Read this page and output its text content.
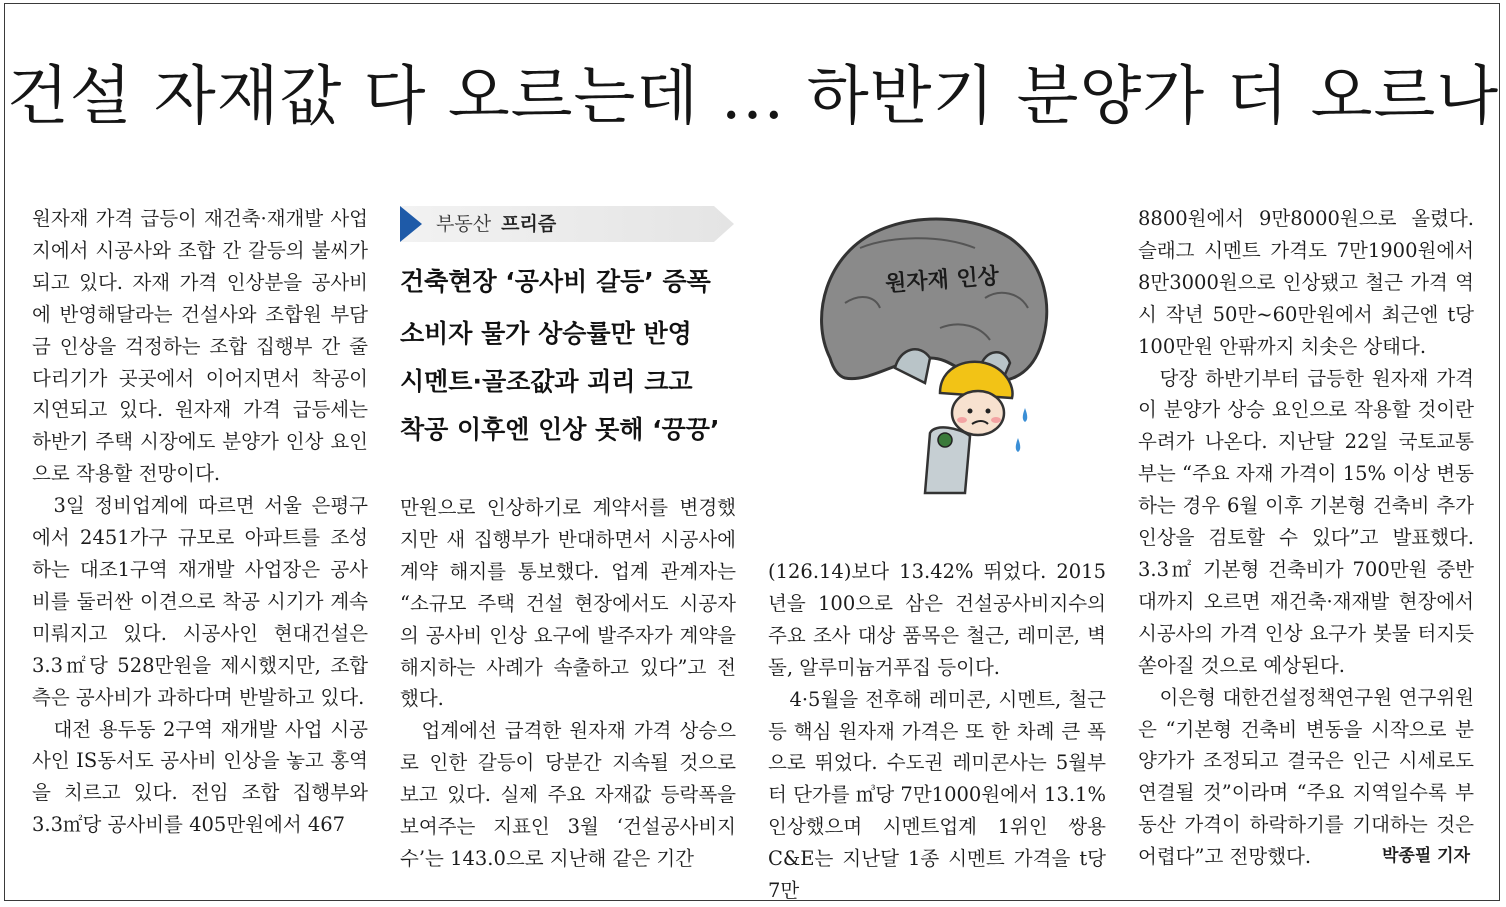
건설 자재값 다 오르는데 … 하반기 분양가 더 오르나

원자재 가격 급등이 재건축·재개발 사업지에서 시공사와 조합 간 갈등의 불씨가 되고 있다. 자재 가격 인상분을 공사비에 반영해달라는 건설사와 조합원 부담금 인상을 걱정하는 조합 집행부 간 줄다리기가 곳곳에서 이어지면서 착공이 지연되고 있다. 원자재 가격 급등세는 하반기 주택 시장에도 분양가 인상 요인으로 작용할 전망이다.

3일 정비업계에 따르면 서울 은평구에서 2451가구 규모로 아파트를 조성하는 대조1구역 재개발 사업장은 공사비를 둘러싼 이견으로 착공 시기가 계속 미뤄지고 있다. 시공사인 현대건설은 3.3㎡당 528만원을 제시했지만, 조합 측은 공사비가 과하다며 반발하고 있다.

대전 용두동 2구역 재개발 사업 시공사인 IS동서도 공사비 인상을 놓고 홍역을 치르고 있다. 전임 조합 집행부와 3.3㎡당 공사비를 405만원에서 467

부동산 프리즘
건축현장 ‘공사비 갈등’ 증폭
소비자 물가 상승률만 반영
시멘트·골조값과 괴리 크고
착공 이후엔 인상 못해 ‘끙끙’

만원으로 인상하기로 계약서를 변경했지만 새 집행부가 반대하면서 시공사에 계약 해지를 통보했다. 업계 관계자는 “소규모 주택 건설 현장에서도 시공자의 공사비 인상 요구에 발주자가 계약을 해지하는 사례가 속출하고 있다”고 전했다.

업계에선 급격한 원자재 가격 상승으로 인한 갈등이 당분간 지속될 것으로 보고 있다. 실제 주요 자재값 등락폭을 보여주는 지표인 3월 ‘건설공사비지수’는 143.0으로 지난해 같은 기간

원자재 인상

(126.14)보다 13.42% 뛰었다. 2015년을 100으로 삼은 건설공사비지수의 주요 조사 대상 품목은 철근, 레미콘, 벽돌, 알루미늄거푸집 등이다.

4·5월을 전후해 레미콘, 시멘트, 철근 등 핵심 원자재 가격은 또 한 차례 큰 폭으로 뛰었다. 수도권 레미콘사는 5월부터 단가를 ㎥당 7만1000원에서 13.1% 인상했으며 시멘트업계 1위인 쌍용C&E는 지난달 1종 시멘트 가격을 t당 7만

8800원에서 9만8000원으로 올렸다. 슬래그 시멘트 가격도 7만1900원에서 8만3000원으로 인상됐고 철근 가격 역시 작년 50만~60만원에서 최근엔 t당 100만원 안팎까지 치솟은 상태다.

당장 하반기부터 급등한 원자재 가격이 분양가 상승 요인으로 작용할 것이란 우려가 나온다. 지난달 22일 국토교통부는 “주요 자재 가격이 15% 이상 변동하는 경우 6월 이후 기본형 건축비 추가 인상을 검토할 수 있다”고 발표했다. 3.3㎡ 기본형 건축비가 700만원 중반대까지 오르면 재건축·재재발 현장에서 시공사의 가격 인상 요구가 봇물 터지듯 쏟아질 것으로 예상된다.

이은형 대한건설정책연구원 연구위원은 “기본형 건축비 변동을 시작으로 분양가가 조정되고 결국은 인근 시세로도 연결될 것”이라며 “주요 지역일수록 부동산 가격이 하락하기를 기대하는 것은 어렵다”고 전망했다.	박종필 기자
